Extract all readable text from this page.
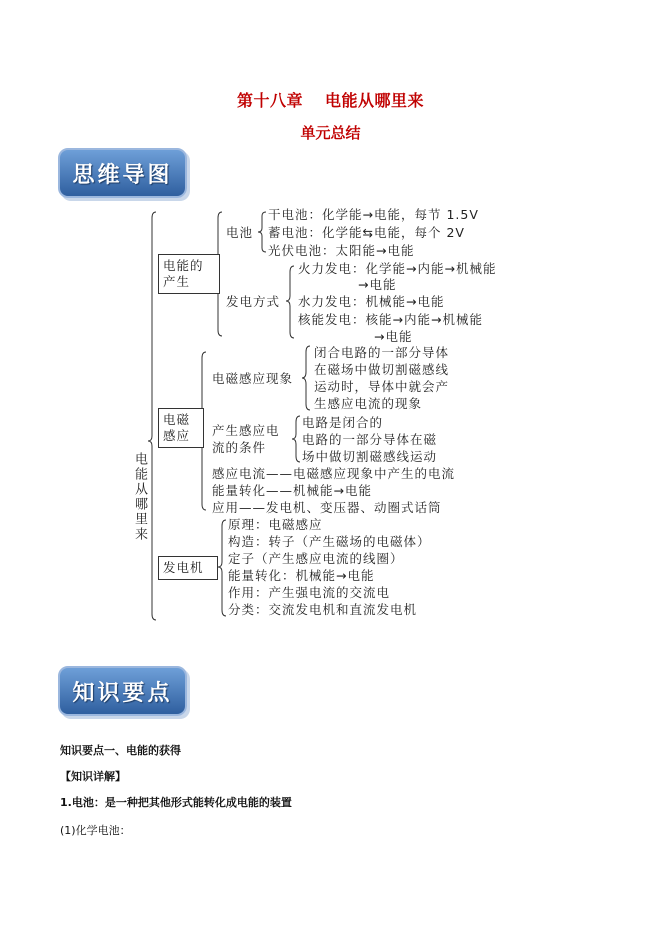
第十八章 电能从哪里来
单元总结
思维导图
电能从哪里来
电能的
产生
电池
干电池：化学能→电能，每节 1.5V
蓄电池：化学能⇆电能，每个 2V
光伏电池：太阳能→电能
发电方式
火力发电：化学能→内能→机械能
→电能
水力发电：机械能→电能
核能发电：核能→内能→机械能
→电能
电磁
感应
电磁感应现象
闭合电路的一部分导体
在磁场中做切割磁感线
运动时，导体中就会产
生感应电流的现象
产生感应电
流的条件
电路是闭合的
电路的一部分导体在磁
场中做切割磁感线运动
感应电流——电磁感应现象中产生的电流
能量转化——机械能→电能
应用——发电机、变压器、动圈式话筒
发电机
原理：电磁感应
构造：转子（产生磁场的电磁体）
定子（产生感应电流的线圈）
能量转化：机械能→电能
作用：产生强电流的交流电
分类：交流发电机和直流发电机
知识要点
知识要点一、电能的获得
【知识详解】
1.电池：是一种把其他形式能转化成电能的装置
(1)化学电池：
